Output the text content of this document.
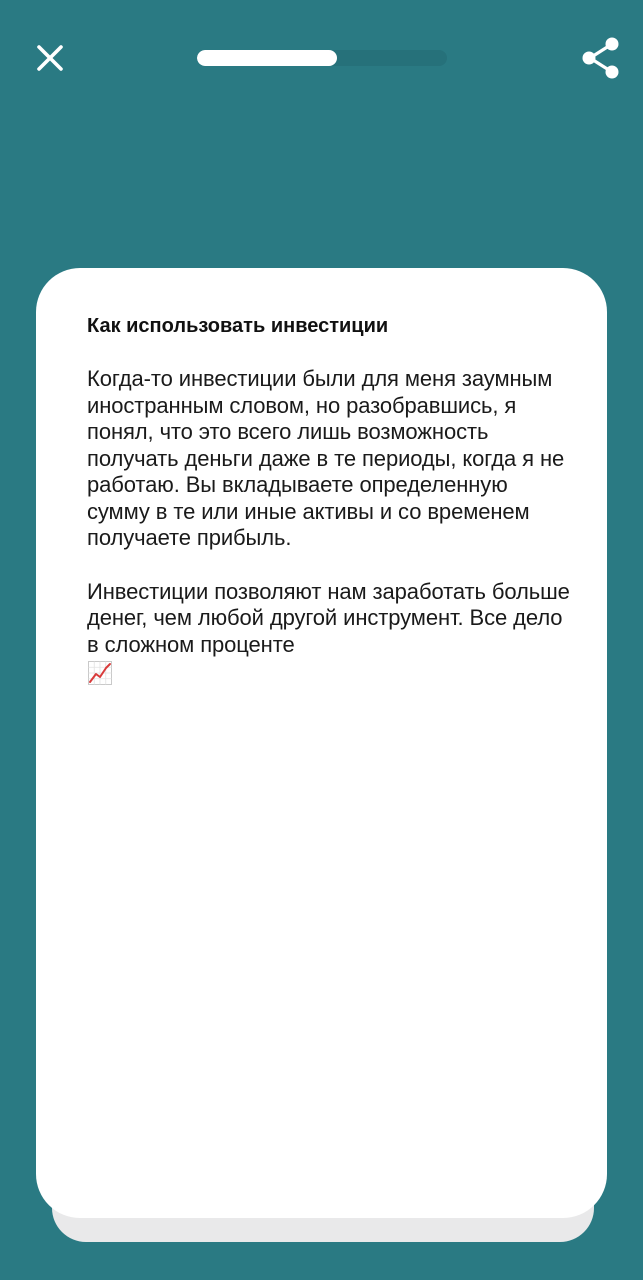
Как использовать инвестиции

Когда-то инвестиции были для меня заумным иностранным словом, но разобравшись, я понял, что это всего лишь возможность получать деньги даже в те периоды, когда я не работаю. Вы вкладываете определенную сумму в те или иные активы и со временем получаете прибыль.

Инвестиции позволяют нам заработать больше денег, чем любой другой инструмент. Все дело в сложном проценте
